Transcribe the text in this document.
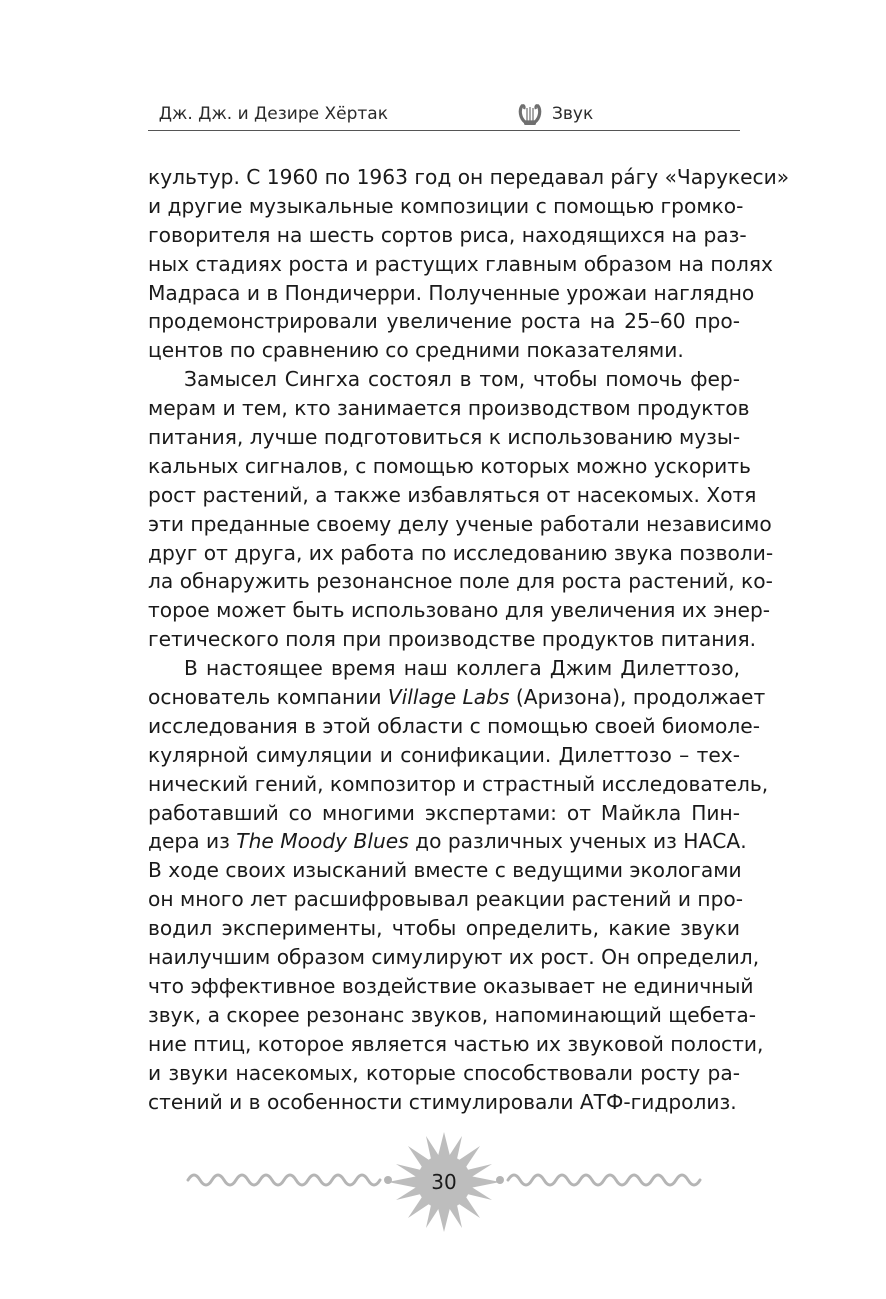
Дж. Дж. и Дезире Хёртак	Звук
культур. С 1960 по 1963 год он передавал рáгу «Чарукеси»
и другие музыкальные композиции с помощью громко-
говорителя на шесть сортов риса, находящихся на раз-
ных стадиях роста и растущих главным образом на полях
Мадраса и в Пондичерри. Полученные урожаи наглядно
продемонстрировали увеличение роста на 25–60 про-
центов по сравнению со средними показателями.
Замысел Сингха состоял в том, чтобы помочь фер-
мерам и тем, кто занимается производством продуктов
питания, лучше подготовиться к использованию музы-
кальных сигналов, с помощью которых можно ускорить
рост растений, а также избавляться от насекомых. Хотя
эти преданные своему делу ученые работали независимо
друг от друга, их работа по исследованию звука позволи-
ла обнаружить резонансное поле для роста растений, ко-
торое может быть использовано для увеличения их энер-
гетического поля при производстве продуктов питания.
В настоящее время наш коллега Джим Дилеттозо,
основатель компании Village Labs (Аризона), продолжает
исследования в этой области с помощью своей биомоле-
кулярной симуляции и сонификации. Дилеттозо – тех-
нический гений, композитор и страстный исследователь,
работавший со многими экспертами: от Майкла Пин-
дера из The Moody Blues до различных ученых из НАСА.
В ходе своих изысканий вместе с ведущими экологами
он много лет расшифровывал реакции растений и про-
водил эксперименты, чтобы определить, какие звуки
наилучшим образом симулируют их рост. Он определил,
что эффективное воздействие оказывает не единичный
звук, а скорее резонанс звуков, напоминающий щебета-
ние птиц, которое является частью их звуковой полости,
и звуки насекомых, которые способствовали росту ра-
стений и в особенности стимулировали АТФ-гидролиз.
30
